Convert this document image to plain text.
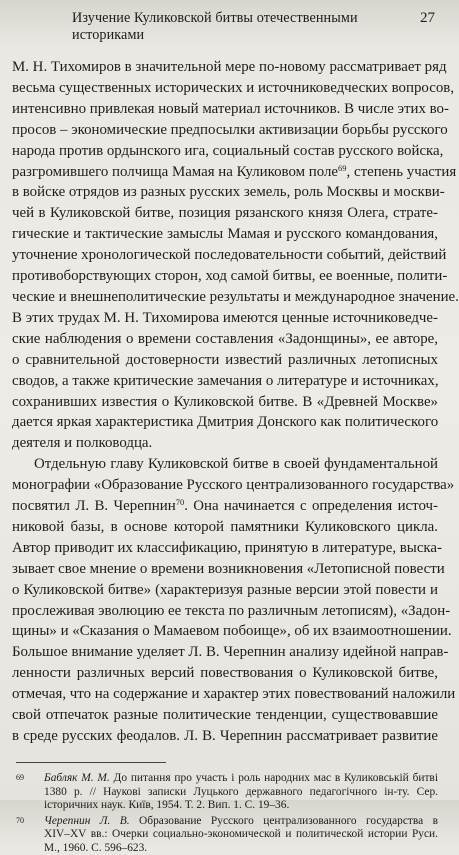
Изучение Куликовской битвы отечественными историками
27
М. Н. Тихомиров в значительной мере по-новому рассматривает ряд
весьма существенных исторических и источниковедческих вопросов,
интенсивно привлекая новый материал источников. В числе этих во-
просов – экономические предпосылки активизации борьбы русского
народа против ордынского ига, социальный состав русского войска,
разгромившего полчища Мамая на Куликовом поле$^{69}$, степень участия
в войске отрядов из разных русских земель, роль Москвы и москви-
чей в Куликовской битве, позиция рязанского князя Олега, страте-
гические и тактические замыслы Мамая и русского командования,
уточнение хронологической последовательности событий, действий
противоборствующих сторон, ход самой битвы, ее военные, полити-
ческие и внешнеполитические результаты и международное значение.
В этих трудах М. Н. Тихомирова имеются ценные источниковедче-
ские наблюдения о времени составления «Задонщины», ее авторе,
о сравнительной достоверности известий различных летописных
сводов, а также критические замечания о литературе и источниках,
сохранивших известия о Куликовской битве. В «Древней Москве»
дается яркая характеристика Дмитрия Донского как политического
деятеля и полководца.
Отдельную главу Куликовской битве в своей фундаментальной
монографии «Образование Русского централизованного государства»
посвятил Л. В. Черепнин$^{70}$. Она начинается с определения источ-
никовой базы, в основе которой памятники Куликовского цикла.
Автор приводит их классификацию, принятую в литературе, выска-
зывает свое мнение о времени возникновения «Летописной повести
о Куликовской битве» (характеризуя разные версии этой повести и
прослеживая эволюцию ее текста по различным летописям), «Задон-
щины» и «Сказания о Мамаевом побоище», об их взаимоотношении.
Большое внимание уделяет Л. В. Черепнин анализу идейной направ-
ленности различных версий повествования о Куликовской битве,
отмечая, что на содержание и характер этих повествований наложили
свой отпечаток разные политические тенденции, существовавшие
в среде русских феодалов. Л. В. Черепнин рассматривает развитие
69	Бабляк М. М. До питання про участь і роль народних мас в Куликовській битві
1380 р. // Наукові записки Луцького державного педагогічного ін-ту. Сер.
історичних наук. Київ, 1954. Т. 2. Вип. 1. С. 19–36.
70	Черепнин Л. В. Образование Русского централизованного государства в
XIV–XV вв.: Очерки социально-экономической и политической истории Руси.
М., 1960. С. 596–623.
